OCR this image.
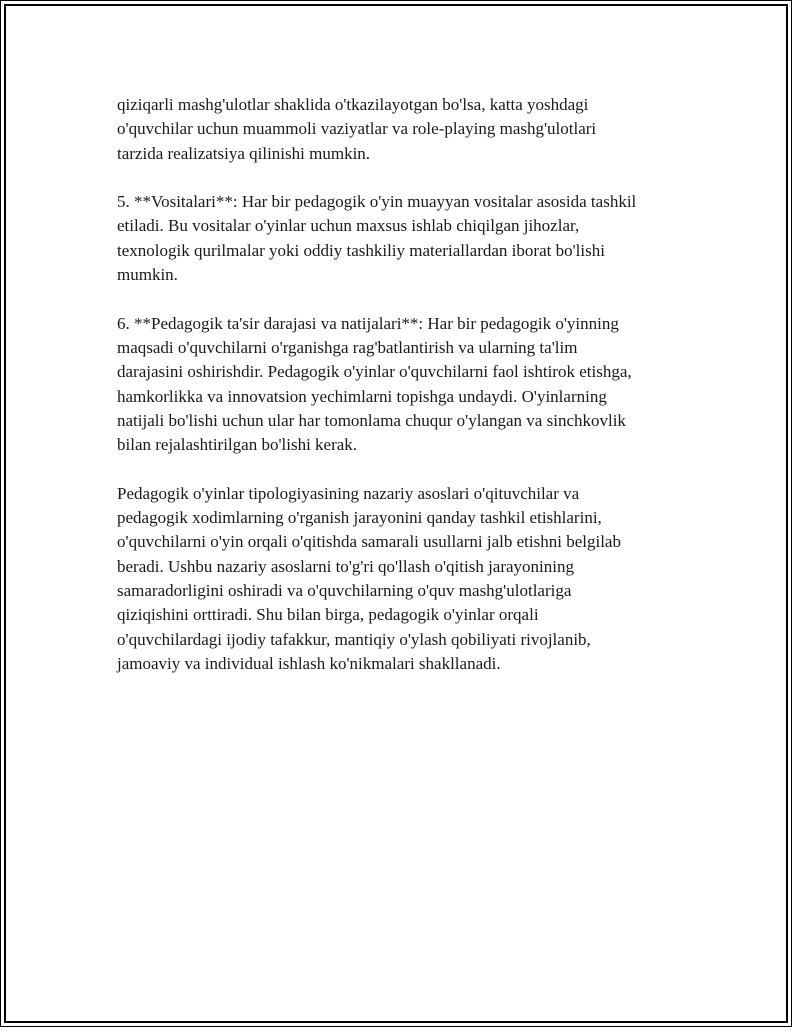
qiziqarli mashg'ulotlar shaklida o'tkazilayotgan bo'lsa, katta yoshdagi
o'quvchilar uchun muammoli vaziyatlar va role-playing mashg'ulotlari
tarzida realizatsiya qilinishi mumkin.

5. **Vositalari**: Har bir pedagogik o'yin muayyan vositalar asosida tashkil
etiladi. Bu vositalar o'yinlar uchun maxsus ishlab chiqilgan jihozlar,
texnologik qurilmalar yoki oddiy tashkiliy materiallardan iborat bo'lishi
mumkin.

6. **Pedagogik ta'sir darajasi va natijalari**: Har bir pedagogik o'yinning
maqsadi o'quvchilarni o'rganishga rag'batlantirish va ularning ta'lim
darajasini oshirishdir. Pedagogik o'yinlar o'quvchilarni faol ishtirok etishga,
hamkorlikka va innovatsion yechimlarni topishga undaydi. O'yinlarning
natijali bo'lishi uchun ular har tomonlama chuqur o'ylangan va sinchkovlik
bilan rejalashtirilgan bo'lishi kerak.

Pedagogik o'yinlar tipologiyasining nazariy asoslari o'qituvchilar va
pedagogik xodimlarning o'rganish jarayonini qanday tashkil etishlarini,
o'quvchilarni o'yin orqali o'qitishda samarali usullarni jalb etishni belgilab
beradi. Ushbu nazariy asoslarni to'g'ri qo'llash o'qitish jarayonining
samaradorligini oshiradi va o'quvchilarning o'quv mashg'ulotlariga
qiziqishini orttiradi. Shu bilan birga, pedagogik o'yinlar orqali
o'quvchilardagi ijodiy tafakkur, mantiqiy o'ylash qobiliyati rivojlanib,
jamoaviy va individual ishlash ko'nikmalari shakllanadi.
